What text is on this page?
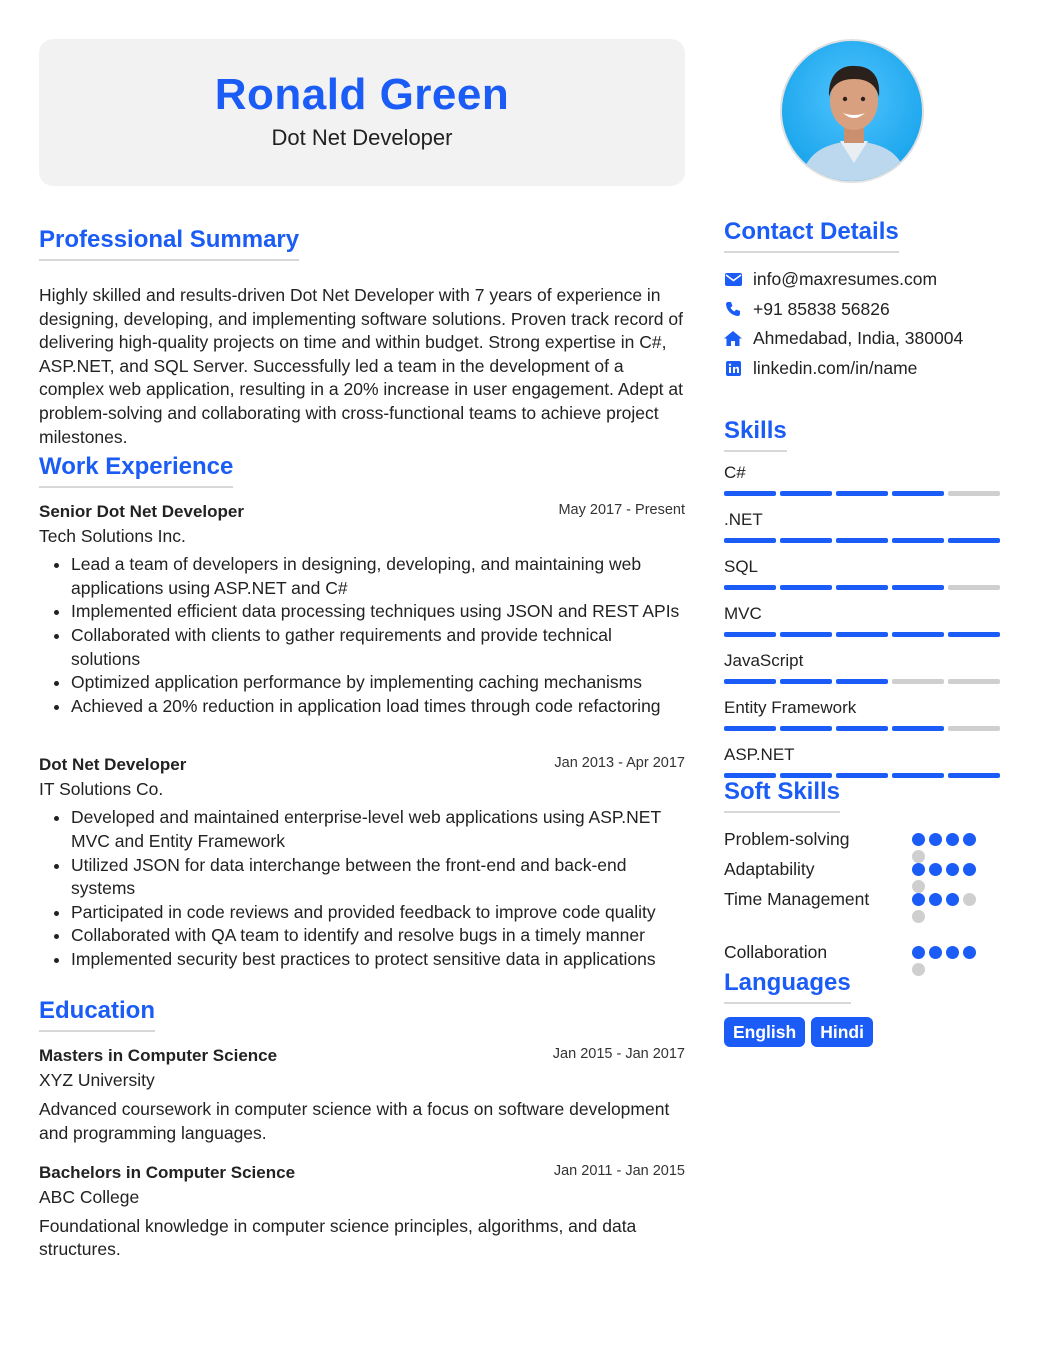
Ronald Green
Dot Net Developer
Professional Summary

Highly skilled and results-driven Dot Net Developer with 7 years of experience in designing, developing, and implementing software solutions. Proven track record of delivering high-quality projects on time and within budget. Strong expertise in C#, ASP.NET, and SQL Server. Successfully led a team in the development of a complex web application, resulting in a 20% increase in user engagement. Adept at problem-solving and collaborating with cross-functional teams to achieve project milestones.

Work Experience
Senior Dot Net Developer	May 2017 - Present
Tech Solutions Inc.
• Lead a team of developers in designing, developing, and maintaining web applications using ASP.NET and C#
• Implemented efficient data processing techniques using JSON and REST APIs
• Collaborated with clients to gather requirements and provide technical solutions
• Optimized application performance by implementing caching mechanisms
• Achieved a 20% reduction in application load times through code refactoring
Dot Net Developer	Jan 2013 - Apr 2017
IT Solutions Co.
• Developed and maintained enterprise-level web applications using ASP.NET MVC and Entity Framework
• Utilized JSON for data interchange between the front-end and back-end systems
• Participated in code reviews and provided feedback to improve code quality
• Collaborated with QA team to identify and resolve bugs in a timely manner
• Implemented security best practices to protect sensitive data in applications
Education
Masters in Computer Science	Jan 2015 - Jan 2017
XYZ University

Advanced coursework in computer science with a focus on software development and programming languages.

Bachelors in Computer Science	Jan 2011 - Jan 2015
ABC College

Foundational knowledge in computer science principles, algorithms, and data structures.

Contact Details
info@maxresumes.com
+91 85838 56826
Ahmedabad, India, 380004
linkedin.com/in/name
Skills
C#
.NET
SQL
MVC
JavaScript
Entity Framework
ASP.NET
Soft Skills
Problem-solving
Adaptability
Time Management
Collaboration
Languages
English	Hindi
